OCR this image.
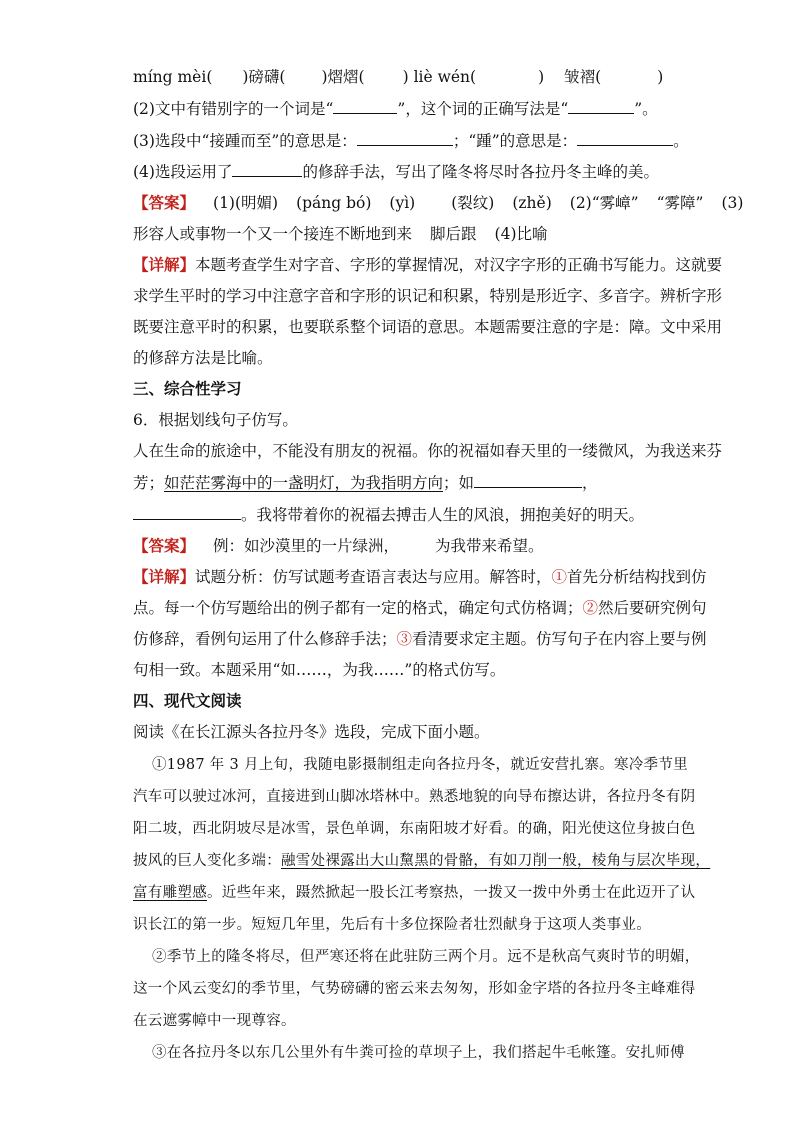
míng mèi( )磅礴( )熠熠( ) liè wén(	) 皱褶(	)
(2)文中有错别字的一个词是“	”，这个词的正确写法是“	”。
(3)选段中“接踵而至”的意思是：	；“踵”的意思是：	。
(4)选段运用了	的修辞手法，写出了隆冬将尽时各拉丹冬主峰的美。
【答案】 (1)(明媚) (páng bó) (yì) (裂纹) (zhě) (2)“雾嶂” “雾障” (3)
形容人或事物一个又一个接连不断地到来 脚后跟 (4)比喻
【详解】本题考查学生对字音、字形的掌握情况，对汉字字形的正确书写能力。这就要
求学生平时的学习中注意字音和字形的识记和积累，特别是形近字、多音字。辨析字形
既要注意平时的积累，也要联系整个词语的意思。本题需要注意的字是：障。文中采用
的修辞方法是比喻。
三、综合性学习
6．根据划线句子仿写。
人在生命的旅途中，不能没有朋友的祝福。你的祝福如春天里的一缕微风，为我送来芬
芳；如茫茫雾海中的一盏明灯，为我指明方向；如	，
。我将带着你的祝福去搏击人生的风浪，拥抱美好的明天。
【答案】 例：如沙漠里的一片绿洲， 为我带来希望。
【详解】试题分析：仿写试题考查语言表达与应用。解答时，①首先分析结构找到仿
点。每一个仿写题给出的例子都有一定的格式，确定句式仿格调；②然后要研究例句
仿修辞，看例句运用了什么修辞手法；③看清要求定主题。仿写句子在内容上要与例
句相一致。本题采用“如……，为我……”的格式仿写。
四、现代文阅读
阅读《在长江源头各拉丹冬》选段，完成下面小题。
①1987 年 3 月上旬，我随电影摄制组走向各拉丹冬，就近安营扎寨。寒冷季节里
汽车可以驶过冰河，直接进到山脚冰塔林中。熟悉地貌的向导布擦达讲，各拉丹冬有阴
阳二坡，西北阴坡尽是冰雪，景色单调，东南阳坡才好看。的确，阳光使这位身披白色
披风的巨人变化多端：融雪处裸露出大山黧黑的骨骼，有如刀削一般，棱角与层次毕现，
富有雕塑感。近些年来，蹑然掀起一股长江考察热，一拨又一拨中外勇士在此迈开了认
识长江的第一步。短短几年里，先后有十多位探险者壮烈献身于这项人类事业。
②季节上的隆冬将尽，但严寒还将在此驻防三两个月。远不是秋高气爽时节的明媚，
这一个风云变幻的季节里，气势磅礴的密云来去匆匆，形如金字塔的各拉丹冬主峰难得
在云遮雾幛中一现尊容。
③在各拉丹冬以东几公里外有牛粪可捡的草坝子上，我们搭起牛毛帐篷。安扎师傅
